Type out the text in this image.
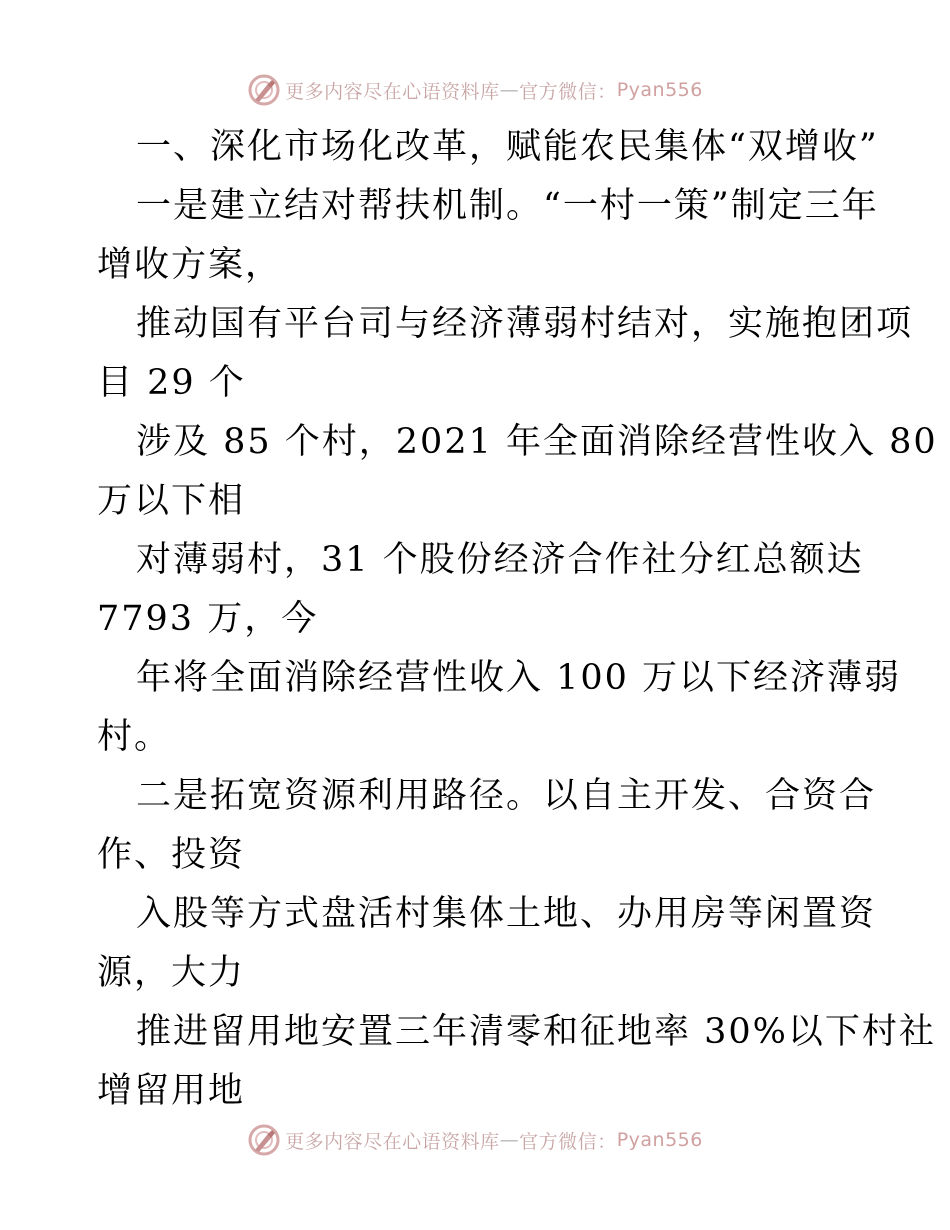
更多内容尽在心语资料库 — 官方微信： Pyan556
一、深化市场化改革，赋能农民集体“双增收”
一是建立结对帮扶机制。“一村一策”制定三年
增收方案，
推动国有平台司与经济薄弱村结对，实施抱团项
目 29 个
涉及 85 个村，2021 年全面消除经营性收入 80
万以下相
对薄弱村，31 个股份经济合作社分红总额达
7793 万，今
年将全面消除经营性收入 100 万以下经济薄弱
村。
二是拓宽资源利用路径。以自主开发、合资合
作、投资
入股等方式盘活村集体土地、办用房等闲置资
源，大力
推进留用地安置三年清零和征地率 30%以下村社
增留用地
更多内容尽在心语资料库 — 官方微信： Pyan556
